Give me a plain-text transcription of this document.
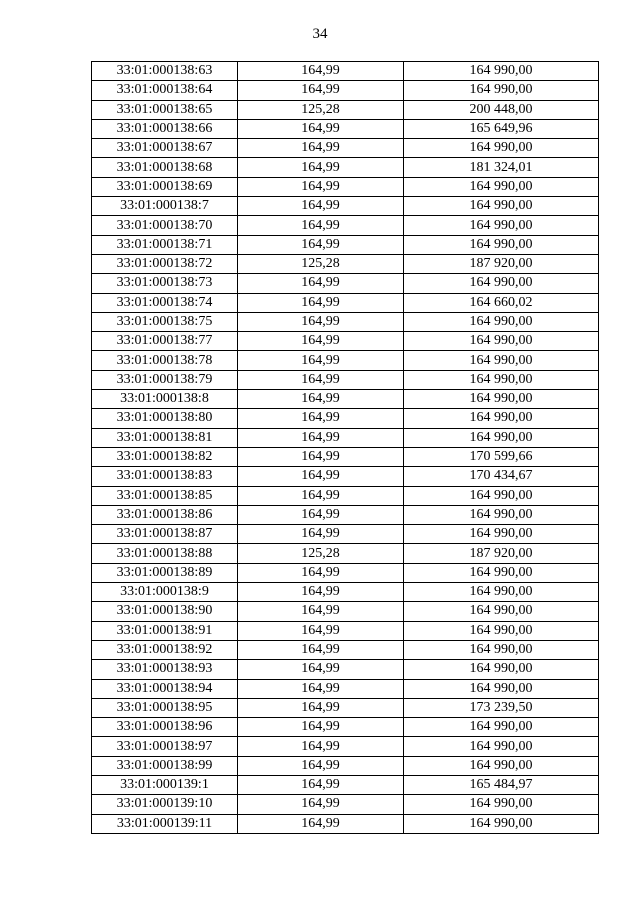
34
33:01:000138:63	164,99	164 990,00
33:01:000138:64	164,99	164 990,00
33:01:000138:65	125,28	200 448,00
33:01:000138:66	164,99	165 649,96
33:01:000138:67	164,99	164 990,00
33:01:000138:68	164,99	181 324,01
33:01:000138:69	164,99	164 990,00
33:01:000138:7	164,99	164 990,00
33:01:000138:70	164,99	164 990,00
33:01:000138:71	164,99	164 990,00
33:01:000138:72	125,28	187 920,00
33:01:000138:73	164,99	164 990,00
33:01:000138:74	164,99	164 660,02
33:01:000138:75	164,99	164 990,00
33:01:000138:77	164,99	164 990,00
33:01:000138:78	164,99	164 990,00
33:01:000138:79	164,99	164 990,00
33:01:000138:8	164,99	164 990,00
33:01:000138:80	164,99	164 990,00
33:01:000138:81	164,99	164 990,00
33:01:000138:82	164,99	170 599,66
33:01:000138:83	164,99	170 434,67
33:01:000138:85	164,99	164 990,00
33:01:000138:86	164,99	164 990,00
33:01:000138:87	164,99	164 990,00
33:01:000138:88	125,28	187 920,00
33:01:000138:89	164,99	164 990,00
33:01:000138:9	164,99	164 990,00
33:01:000138:90	164,99	164 990,00
33:01:000138:91	164,99	164 990,00
33:01:000138:92	164,99	164 990,00
33:01:000138:93	164,99	164 990,00
33:01:000138:94	164,99	164 990,00
33:01:000138:95	164,99	173 239,50
33:01:000138:96	164,99	164 990,00
33:01:000138:97	164,99	164 990,00
33:01:000138:99	164,99	164 990,00
33:01:000139:1	164,99	165 484,97
33:01:000139:10	164,99	164 990,00
33:01:000139:11	164,99	164 990,00
